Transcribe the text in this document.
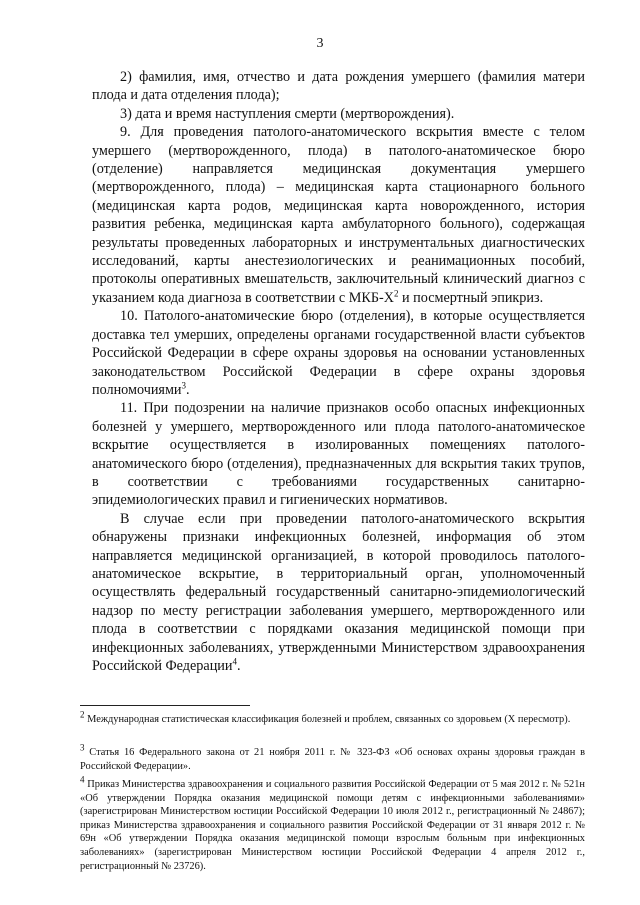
3

2) фамилия, имя, отчество и дата рождения умершего (фамилия матери плода и дата отделения плода);

3) дата и время наступления смерти (мертворождения).

9. Для проведения патолого-анатомического вскрытия вместе с телом умершего (мертворожденного, плода) в патолого-анатомическое бюро (отделение) направляется медицинская документация умершего (мертворожденного, плода) – медицинская карта стационарного больного (медицинская карта родов, медицинская карта новорожденного, история развития ребенка, медицинская карта амбулаторного больного), содержащая результаты проведенных лабораторных и инструментальных диагностических исследований, карты анестезиологических и реанимационных пособий, протоколы оперативных вмешательств, заключительный клинический диагноз с указанием кода диагноза в соответствии с МКБ-$Х^2$ и посмертный эпикриз.

10. Патолого-анатомические бюро (отделения), в которые осуществляется доставка тел умерших, определены органами государственной власти субъектов Российской Федерации в сфере охраны здоровья на основании установленных законодательством Российской Федерации в сфере охраны здоровья полномочиями$^3$.

11. При подозрении на наличие признаков особо опасных инфекционных болезней у умершего, мертворожденного или плода патолого-анатомическое вскрытие осуществляется в изолированных помещениях патолого-анатомического бюро (отделения), предназначенных для вскрытия таких трупов, в соответствии с требованиями государственных санитарно-эпидемиологических правил и гигиенических нормативов.

В случае если при проведении патолого-анатомического вскрытия обнаружены признаки инфекционных болезней, информация об этом направляется медицинской организацией, в которой проводилось патолого-анатомическое вскрытие, в территориальный орган, уполномоченный осуществлять федеральный государственный санитарно-эпидемиологический надзор по месту регистрации заболевания умершего, мертворожденного или плода в соответствии с порядками оказания медицинской помощи при инфекционных заболеваниях, утвержденными Министерством здравоохранения Российской Федерации$^4$.

$^2$ Международная статистическая классификация болезней и проблем, связанных со здоровьем (X пересмотр).
$^3$ Статья 16 Федерального закона от 21 ноября 2011 г. № 323-ФЗ «Об основах охраны здоровья граждан в Российской Федерации».
$^4$ Приказ Министерства здравоохранения и социального развития Российской Федерации от 5 мая 2012 г. № 521н «Об утверждении Порядка оказания медицинской помощи детям с инфекционными заболеваниями» (зарегистрирован Министерством юстиции Российской Федерации 10 июля 2012 г., регистрационный № 24867); приказ Министерства здравоохранения и социального развития Российской Федерации от 31 января 2012 г. № 69н «Об утверждении Порядка оказания медицинской помощи взрослым больным при инфекционных заболеваниях» (зарегистрирован Министерством юстиции Российской Федерации 4 апреля 2012 г., регистрационный № 23726).
